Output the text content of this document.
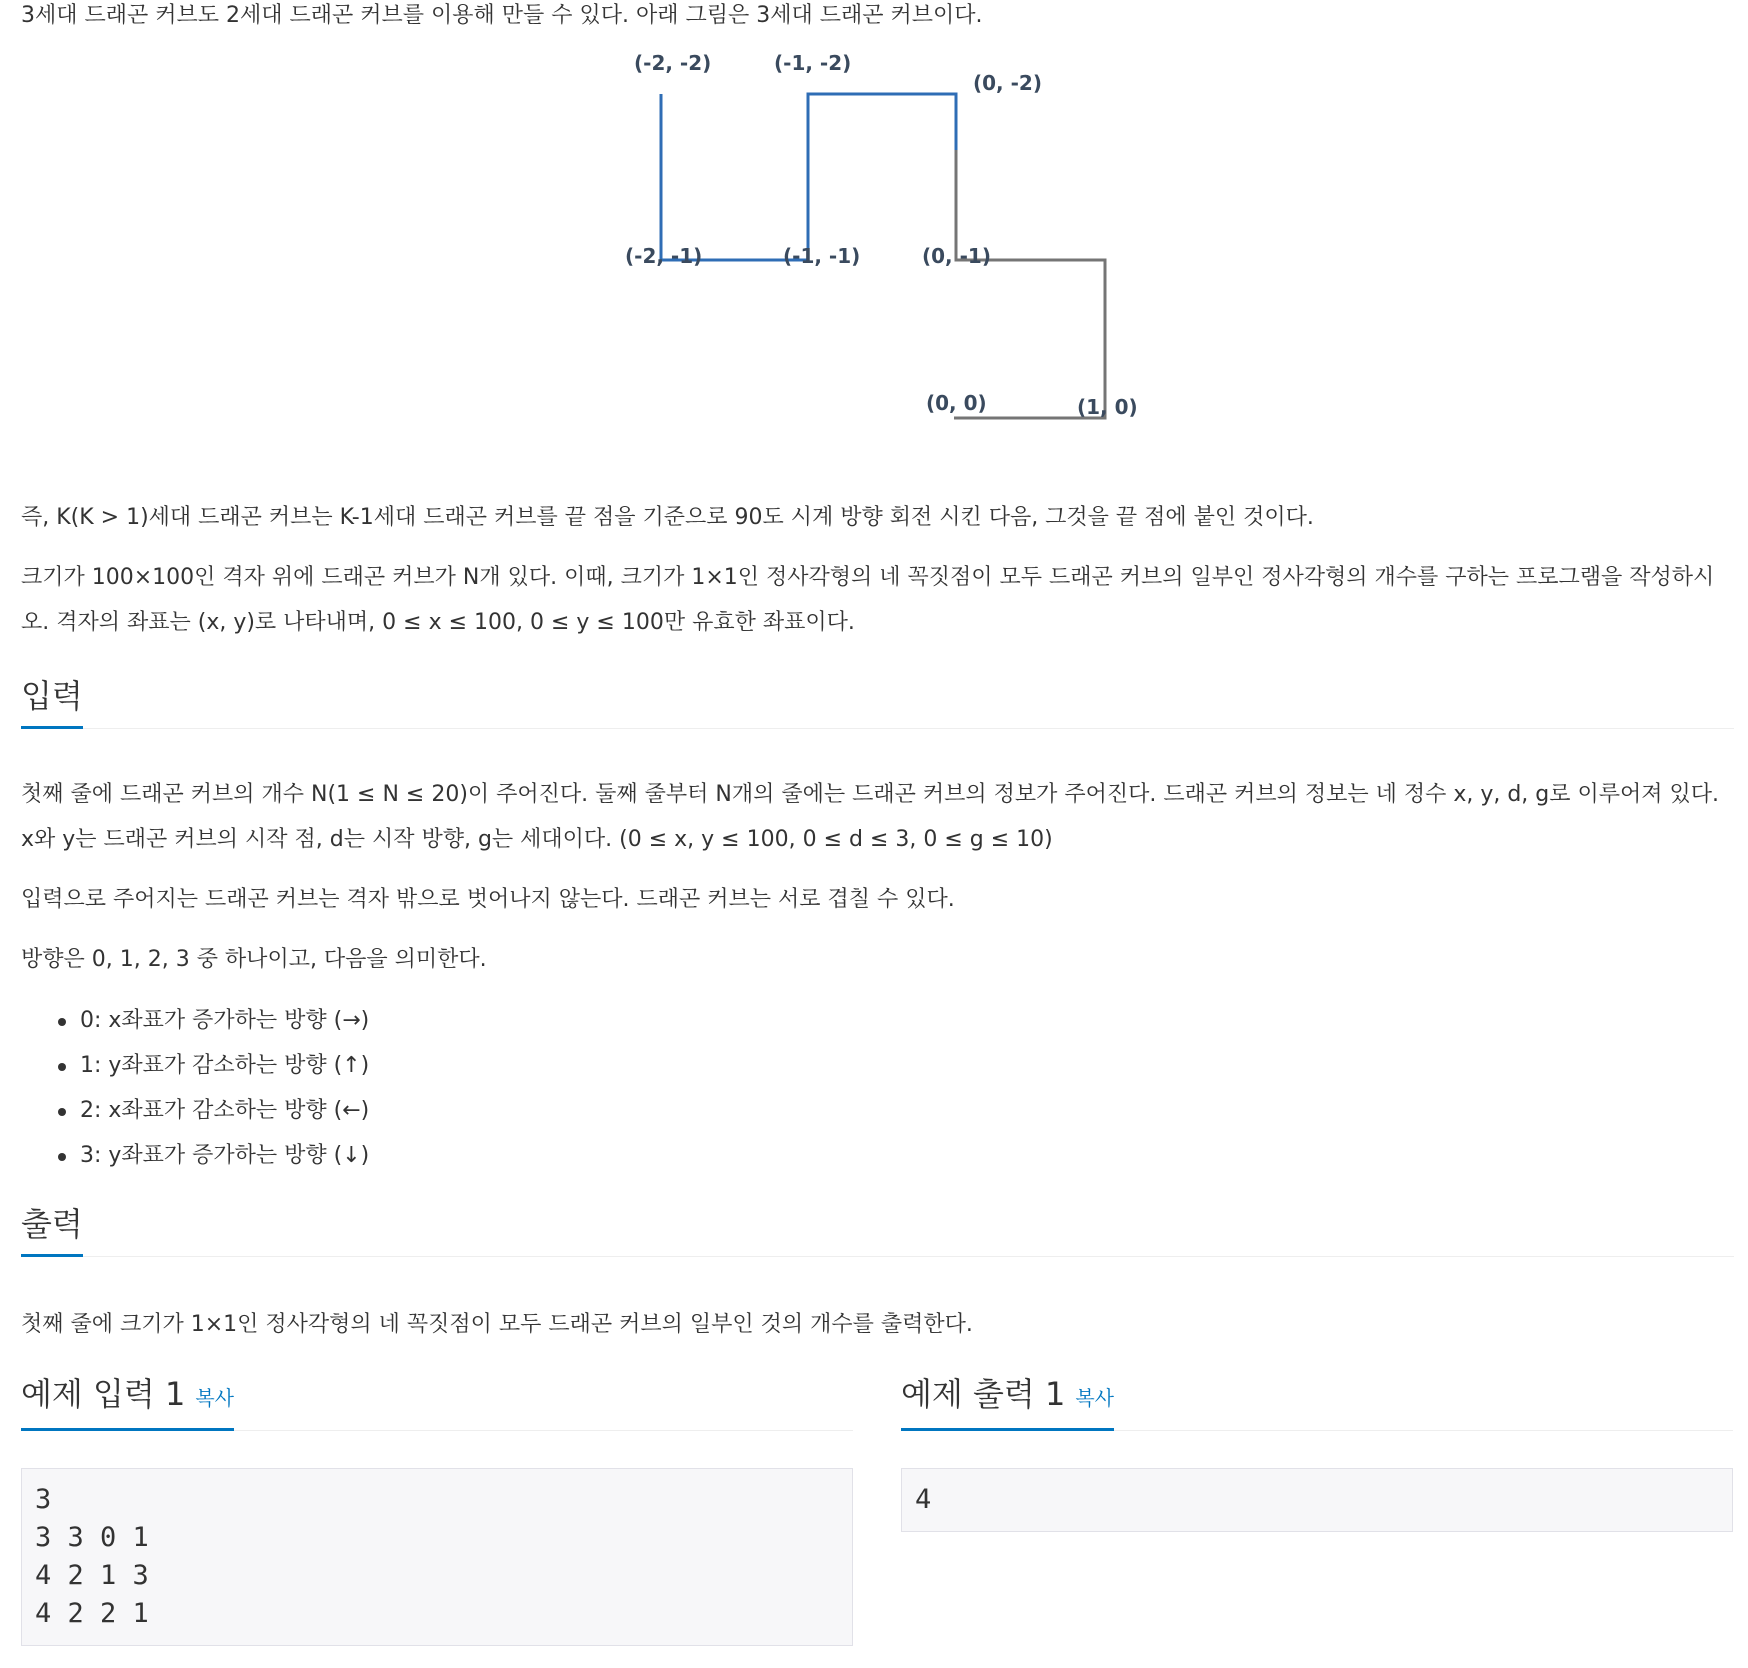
3세대 드래곤 커브도 2세대 드래곤 커브를 이용해 만들 수 있다. 아래 그림은 3세대 드래곤 커브이다.

(-2, -2)	(-1, -2)
(0, -2)
(-2, -1)	(-1, -1)	(0, -1)
(0, 0)	(1, 0)

즉, K(K > 1)세대 드래곤 커브는 K-1세대 드래곤 커브를 끝 점을 기준으로 90도 시계 방향 회전 시킨 다음, 그것을 끝 점에 붙인 것이다.

크기가 100×100인 격자 위에 드래곤 커브가 N개 있다. 이때, 크기가 1×1인 정사각형의 네 꼭짓점이 모두 드래곤 커브의 일부인 정사각형의 개수를 구하는 프로그램을 작성하시오. 격자의 좌표는 (x, y)로 나타내며, 0 ≤ x ≤ 100, 0 ≤ y ≤ 100만 유효한 좌표이다.

입력

첫째 줄에 드래곤 커브의 개수 N(1 ≤ N ≤ 20)이 주어진다. 둘째 줄부터 N개의 줄에는 드래곤 커브의 정보가 주어진다. 드래곤 커브의 정보는 네 정수 x, y, d, g로 이루어져 있다. x와 y는 드래곤 커브의 시작 점, d는 시작 방향, g는 세대이다. (0 ≤ x, y ≤ 100, 0 ≤ d ≤ 3, 0 ≤ g ≤ 10)

입력으로 주어지는 드래곤 커브는 격자 밖으로 벗어나지 않는다. 드래곤 커브는 서로 겹칠 수 있다.

방향은 0, 1, 2, 3 중 하나이고, 다음을 의미한다.

0: x좌표가 증가하는 방향 (→)
1: y좌표가 감소하는 방향 (↑)
2: x좌표가 감소하는 방향 (←)
3: y좌표가 증가하는 방향 (↓)
출력

첫째 줄에 크기가 1×1인 정사각형의 네 꼭짓점이 모두 드래곤 커브의 일부인 것의 개수를 출력한다.

예제 입력 1 복사
3
3 3 0 1
4 2 1 3
4 2 2 1
예제 출력 1 복사
4
